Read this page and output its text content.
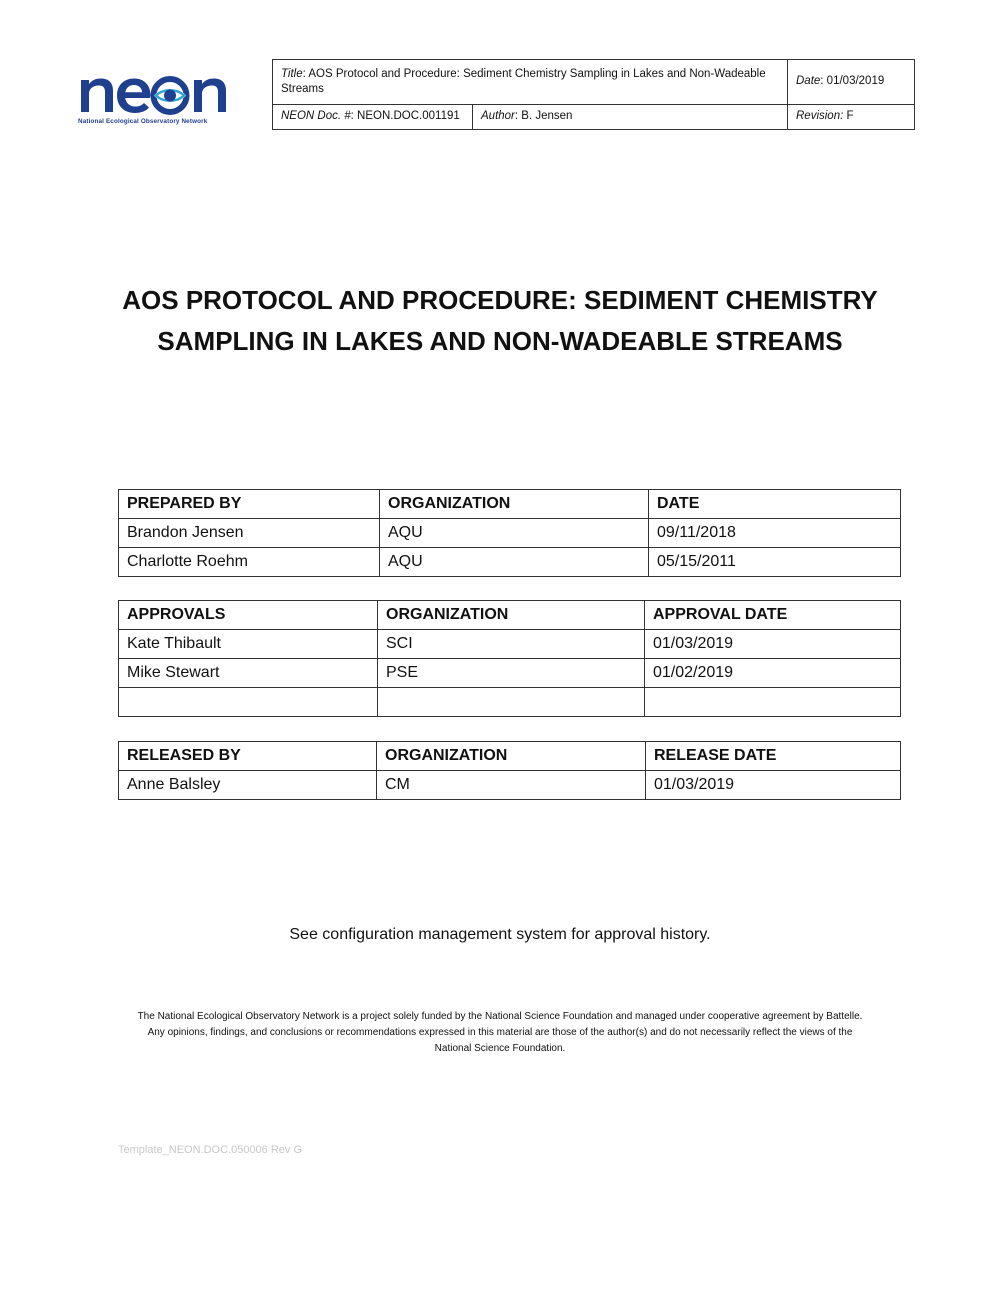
National Ecological Observatory Network
Title: AOS Protocol and Procedure: Sediment Chemistry Sampling in Lakes and Non-Wadeable Streams		Date: 01/03/2019
NEON Doc. #: NEON.DOC.001191	Author: B. Jensen	Revision: F
AOS PROTOCOL AND PROCEDURE: SEDIMENT CHEMISTRY
SAMPLING IN LAKES AND NON-WADEABLE STREAMS
PREPARED BY	ORGANIZATION	DATE
Brandon Jensen	AQU	09/11/2018
Charlotte Roehm	AQU	05/15/2011
APPROVALS	ORGANIZATION	APPROVAL DATE
Kate Thibault	SCI	01/03/2019
Mike Stewart	PSE	01/02/2019

RELEASED BY	ORGANIZATION	RELEASE DATE
Anne Balsley	CM	01/03/2019
See configuration management system for approval history.
The National Ecological Observatory Network is a project solely funded by the National Science Foundation and managed under cooperative agreement by Battelle.
Any opinions, findings, and conclusions or recommendations expressed in this material are those of the author(s) and do not necessarily reflect the views of the
National Science Foundation.
Template_NEON.DOC.050006 Rev G
